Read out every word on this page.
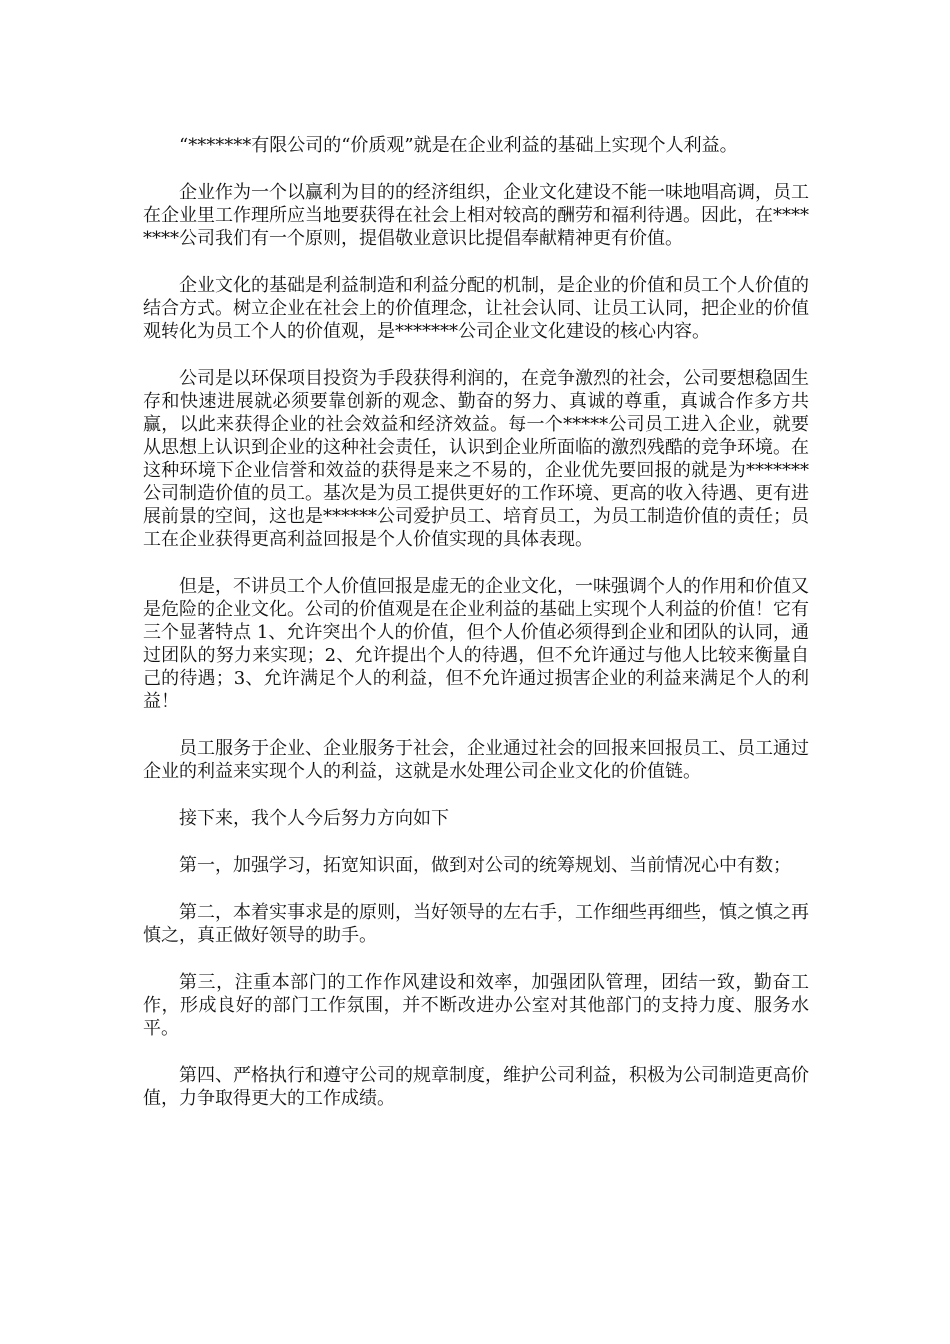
“*******有限公司的“价质观”就是在企业利益的基础上实现个人利益。

企业作为一个以赢利为目的的经济组织，企业文化建设不能一味地唱高调，员工在企业里工作理所应当地要获得在社会上相对较高的酬劳和福利待遇。因此，在********公司我们有一个原则，提倡敬业意识比提倡奉献精神更有价值。

企业文化的基础是利益制造和利益分配的机制，是企业的价值和员工个人价值的结合方式。树立企业在社会上的价值理念，让社会认同、让员工认同，把企业的价值观转化为员工个人的价值观，是*******公司企业文化建设的核心内容。

公司是以环保项目投资为手段获得利润的，在竞争激烈的社会，公司要想稳固生存和快速进展就必须要靠创新的观念、勤奋的努力、真诚的尊重，真诚合作多方共赢，以此来获得企业的社会效益和经济效益。每一个*****公司员工进入企业，就要从思想上认识到企业的这种社会责任，认识到企业所面临的激烈残酷的竞争环境。在这种环境下企业信誉和效益的获得是来之不易的，企业优先要回报的就是为*******公司制造价值的员工。基次是为员工提供更好的工作环境、更高的收入待遇、更有进展前景的空间，这也是******公司爱护员工、培育员工，为员工制造价值的责任；员工在企业获得更高利益回报是个人价值实现的具体表现。

但是，不讲员工个人价值回报是虚无的企业文化，一味强调个人的作用和价值又是危险的企业文化。公司的价值观是在企业利益的基础上实现个人利益的价值！它有三个显著特点 1、允许突出个人的价值，但个人价值必须得到企业和团队的认同，通过团队的努力来实现；2、允许提出个人的待遇，但不允许通过与他人比较来衡量自己的待遇；3、允许满足个人的利益，但不允许通过损害企业的利益来满足个人的利益！

员工服务于企业、企业服务于社会，企业通过社会的回报来回报员工、员工通过企业的利益来实现个人的利益，这就是水处理公司企业文化的价值链。

接下来，我个人今后努力方向如下

第一，加强学习，拓宽知识面，做到对公司的统筹规划、当前情况心中有数；

第二，本着实事求是的原则，当好领导的左右手，工作细些再细些，慎之慎之再慎之，真正做好领导的助手。

第三，注重本部门的工作作风建设和效率，加强团队管理，团结一致，勤奋工作，形成良好的部门工作氛围，并不断改进办公室对其他部门的支持力度、服务水平。

第四、严格执行和遵守公司的规章制度，维护公司利益，积极为公司制造更高价值，力争取得更大的工作成绩。
